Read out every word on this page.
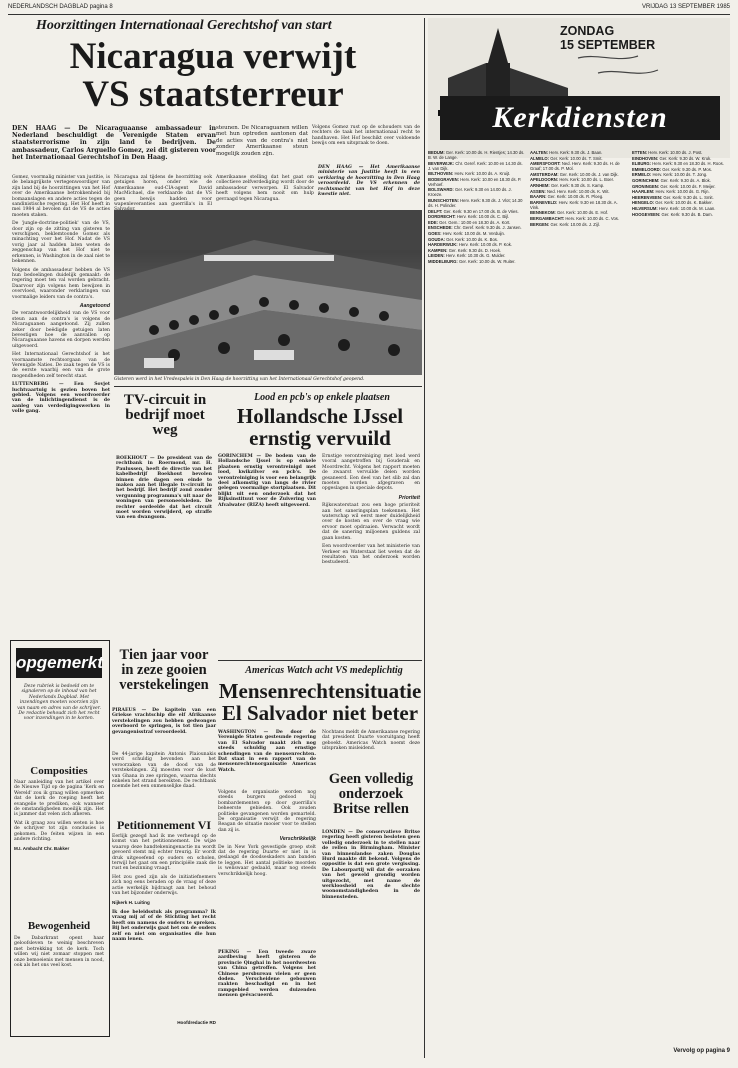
NEDERLANDSCH DAGBLAD pagina 8	VRIJDAG 13 SEPTEMBER 1985
Hoorzittingen Internationaal Gerechtshof van start
Nicaragua verwijt
VS staatsterreur
DEN HAAG — De Nicaraguaanse ambassadeur in Nederland beschuldigt de Verenigde Staten ervan staatsterrorisme in zijn land te bedrijven. De ambassadeur, Carlos Arguello Gomez, zei dit gisteren voor het Internationaal Gerechtshof in Den Haag.
steunen. De Nicaraguanen willen met hun optreden aantonen dat de acties van de contra's niet zonder Amerikaanse steun mogelijk zouden zijn.
Volgens Gomez rust op de schouders van de rechters de taak het internationaal recht te handhaven. Het Hof beschikt over voldoende bewijs om een uitspraak te doen.
Gomez, voormalig minister van justitie, is de belangrijkste vertegenwoordiger van zijn land bij de hoorzittingen van het Hof over de Amerikaanse betrokkenheid bij bomaanslagen en andere acties tegen de sandinistische regering. Het Hof heeft in mei 1984 al bevolen dat de VS de acties moeten staken.
De 'jungle-doctrine-politiek' van de VS, door zijn op de zitting van gisteren te verschijnen, beklemtoonde Gomez als minachting voor het Hof. Nadat de VS vorig jaar al hadden laten weten de zeggenschap van het Hof niet te erkennen, is Washington in de zaal niet te bekennen.
Volgens de ambassadeur hebben de VS hun bedoelingen duidelijk gemaakt: de regering moet ten val worden gebracht. Daarvoor zijn volgens hem bewijzen in overvloed, waaronder verklaringen van voormalige leiders van de contra's.
Aangetoond
De verantwoordelijkheid van de VS voor steun aan de contra's is volgens de Nicaraguanen aangetoond. Zij zullen zeker door beëdigde getuigen laten bevestigen hoe de aanvallen op Nicaraguaanse havens en dorpen werden uitgevoerd.
Het Internationaal Gerechtshof is het voornaamste rechtsorgaan van de Verenigde Naties. De zaak tegen de VS is de eerste waarbij een van de grote mogendheden zelf terecht staat.
LUTTENBERG — Een Sovjet luchtvaartuig is gezien boven het gebied. Volgens een woordvoerder van de inlichtingendienst is de aanleg van verdedigingswerken in volle gang.
Nicaragua zal tijdens de hoorzitting ook getuigen horen, onder wie de Amerikaanse oud-CIA-agent David MacMichael, die verklaarde dat de VS geen bewijs hadden voor wapenleveranties aan guerrilla's in El
Amerikaanse stelling dat het gaat om collectieve zelfverdediging wordt door de ambassadeur verworpen. El Salvador heeft volgens hem nooit om hulp gevraagd tegen Nicaragua.
DEN HAAG — Het Amerikaanse ministerie van Justitie heeft in een verklaring de hoorzitting in Den Haag veroordeeld. De VS erkennen de rechtsmacht van het Hof in deze kwestie niet.
Gisteren werd in het Vredespaleis in Den Haag de hoorzitting van het Internationaal Gerechtshof geopend.
TV-circuit in bedrijf moet weg
BOEKHOUT — De president van de rechtbank in Roermond, mr. H. Paulussen, heeft de directie van het kabelbedrijf Boekhout bevolen binnen drie dagen een einde te maken aan het illegale tv-circuit in het bedrijf. Het bedrijf zond zonder vergunning programma's uit naar de woningen van personeelsleden. De rechter oordeelde dat het circuit moet worden verwijderd, op straffe van een dwangsom.
Lood en pcb's op enkele plaatsen
Hollandsche IJssel
ernstig vervuild
GORINCHEM — De bodem van de Hollandsche IJssel is op enkele plaatsen ernstig verontreinigd met lood, kwikzilver en pcb's. De verontreiniging is voor een belangrijk deel afkomstig van langs de rivier gelegen voormalige stortplaatsen. Dit blijkt uit een onderzoek dat het Rijksinstituut voor de Zuivering van Afvalwater (RIZA) heeft uitgevoerd.
Ernstige verontreiniging met lood werd vooral aangetroffen bij Gouderak en Moordrecht. Volgens het rapport moeten de zwaarst vervuilde delen worden gesaneerd. Een deel van het slib zal dan moeten worden afgegraven en opgeslagen in speciale depots.
Prioriteit
Rijkswaterstaat zou een hoge prioriteit aan het saneringsplan toekennen. Het waterschap wil eerst meer duidelijkheid over de kosten en over de vraag wie ervoor moet opdraaien. Verwacht wordt dat de sanering miljoenen guldens zal gaan kosten.
Een woordvoerder van het ministerie van Verkeer en Waterstaat liet weten dat de resultaten van het onderzoek worden bestudeerd.
opgemerkt
Deze rubriek is bedoeld om te signaleren op de inhoud van het Nederlands Dagblad. Met inzendingen moeten voorzien zijn van naam en adres van de schrijver. De redactie behoudt zich het recht voor inzendingen in te korten.
Composities
Naar aanleiding van het artikel over de Nieuwe Tijd op de pagina 'Kerk en Wereld' zou ik graag willen opmerken dat de kerk de roeping heeft het evangelie te prediken, ook wanneer de omstandigheden moeilijk zijn. Het is jammer dat velen zich afkeren.
Wat ik graag zou willen weten is hoe de schrijver tot zijn conclusies is gekomen. De feiten wijzen in een andere richting.
M.I. Ambacht Chr. Bakker
Bewogenheid
De Dabarkrant opent haar geloofsleven te weinig beschreven met betrekking tot de kerk. Toch willen wij niet zomaar stoppen met onze bemoeienis met mensen in nood, ook als het ons veel kost.
Tien jaar voor in zeze gooien verstekelingen
PIRAEUS — De kapitein van een Griekse vrachtschip die elf Afrikaanse verstekelingen zou hebben gedwongen overboord te springen, is tot tien jaar gevangenisstraf veroordeeld.
De 44-jarige kapitein Antonis Plaiounakis werd schuldig bevonden aan het veroorzaken van de dood van de verstekelingen. Zij moesten voor de kust van Ghana in zee springen, waarna slechts enkelen het strand bereikten. De rechtbank noemde het een onmenselijke daad.
Petitionnement VI
Eerlijk gezegd had ik me verheugd op de komst van het petitionnement. De wijze waarop deze handtekeningenactie nu wordt gevoerd stemt mij echter treurig. Er wordt druk uitgeoefend op ouders en scholen, terwijl het gaat om een principiële zaak die rust en bezinning vraagt.
Het zou goed zijn als de initiatiefnemers zich nog eens beraden op de vraag of deze actie werkelijk bijdraagt aan het behoud van het bijzonder onderwijs.
Nijkerk H. Luiting
Ik doe beleidsstuk als programma? Ik vraag mij af of de Stichting het recht heeft om namens de ouders te spreken. Bij het onderwijs gaat het om de ouders zelf en niet om organisaties die hun naam lenen.
Americas Watch acht VS medeplichtig
Mensenrechtensituatie
El Salvador niet beter
WASHINGTON — De door de Verenigde Staten gesteunde regering van El Salvador maakt zich nog steeds schuldig aan ernstige schendingen van de mensenrechten. Dat staat in een rapport van de mensenrechtenorganisatie Americas Watch.
Volgens de organisatie worden nog steeds burgers gedood bij bombardementen op door guerrilla's beheerste gebieden. Ook zouden politieke gevangenen worden gemarteld. De organisatie verwijt de regering Reagan de situatie mooier voor te stellen dan zij is.
Verschrikkelijk
De in New York gevestigde groep stelt dat de regering Duarte er niet in is geslaagd de doodseskaders aan banden te leggen. Het aantal politieke moorden is weliswaar gedaald, maar nog steeds verschrikkelijk hoog.
Nochtans meldt de Amerikaanse regering dat president Duarte vooruitgang heeft geboekt. Americas Watch noemt deze uitspraken misleidend.
PEKING — Een tweede zware aardbeving heeft gisteren de provincie Qinghai in het noordwesten van China getroffen. Volgens het Chinese persbureau vielen er geen doden. Verscheidene gebouwen raakten beschadigd en in het rampgebied werden duizenden mensen geëvacueerd.
Hoofdredactie RD
Geen volledig onderzoek Britse rellen
LONDEN — De conservatieve Britse regering heeft gisteren besloten geen volledig onderzoek in te stellen naar de rellen in Birmingham. Minister van binnenlandse zaken Douglas Hurd maakte dit bekend. Volgens de oppositie is dat een grote vergissing. De Labourpartij wil dat de oorzaken van het geweld grondig worden uitgezocht, met name de werkloosheid en de slechte woonomstandigheden in de binnensteden.
ZONDAG
15 SEPTEMBER
Kerkdiensten

BEDUM: Ger. Kerk: 10.00 ds. H. Rientjes; 14.30 ds. B. W. de Lange.

BEVERWIJK: Chr. Geref. Kerk: 10.00 en 14.30 ds. J. van Dijk.

BILTHOVEN: Herv. Kerk: 10.00 ds. A. Kruijt.

BODEGRAVEN: Herv. Kerk: 10.00 en 18.30 ds. P. Verhoef.

BOLSWARD: Ger. Kerk: 9.30 en 14.00 ds. J. Kroeze.

BUNSCHOTEN: Herv. Kerk: 9.30 ds. J. Vlot; 14.30 ds. H. Polinder.

DELFT: Ger. Kerk: 9.30 en 17.00 ds. B. de Vries.

DORDRECHT: Herv. Kerk: 10.00 ds. C. Bijl.

EDE: Ger. Gem.: 10.00 en 18.30 ds. A. Kort.

ENSCHEDE: Chr. Geref. Kerk: 9.30 ds. J. Jansen.

GOES: Herv. Kerk: 10.00 ds. M. Verduijn.

GOUDA: Ger. Kerk: 10.00 ds. K. Bos.

HARDERWIJK: Herv. Kerk: 10.00 ds. P. Kok.

KAMPEN: Ger. Kerk: 9.30 ds. D. Hoek.

LEIDEN: Herv. Kerk: 10.30 ds. G. Mulder.

MIDDELBURG: Ger. Kerk: 10.00 ds. W. Ruiter.

AALTEN: Herv. Kerk: 9.30 ds. J. Baan.

ALMELO: Ger. Kerk: 10.00 ds. T. Smit.

AMERSFOORT: Ned. Herv. Kerk: 9.30 ds. H. de Graaf; 17.00 ds. P. Mol.

AMSTERDAM: Ger. Kerk: 10.00 ds. J. van Dijk.

APELDOORN: Herv. Kerk: 10.00 ds. L. Boer.

ARNHEM: Ger. Kerk: 9.30 ds. S. Kamp.

ASSEN: Ned. Herv. Kerk: 10.00 ds. K. Wit.

BAARN: Ger. Kerk: 10.00 ds. R. Ploeg.

BARNEVELD: Herv. Kerk: 9.30 en 18.30 ds. A. Vink.

BENNEKOM: Ger. Kerk: 10.00 ds. E. Hof.

BERGAMBACHT: Herv. Kerk: 10.00 ds. C. Vos.

BERGEN: Ger. Kerk: 10.00 ds. J. Zijl.

ETTEN: Herv. Kerk: 10.00 ds. J. Post.

EINDHOVEN: Ger. Kerk: 9.30 ds. W. Kruk.

ELBURG: Herv. Kerk: 9.30 en 18.30 ds. H. Roos.

EMMELOORD: Ger. Kerk: 9.30 ds. P. Mos.

ERMELO: Herv. Kerk: 10.00 ds. T. Jong.

GORINCHEM: Ger. Kerk: 9.30 ds. A. Blok.

GRONINGEN: Ger. Kerk: 10.00 ds. F. Meijer.

HAARLEM: Herv. Kerk: 10.00 ds. G. Rijn.

HEERENVEEN: Ger. Kerk: 9.30 ds. L. Smit.

HENGELO: Ger. Kerk: 10.00 ds. K. Bakker.

HILVERSUM: Herv. Kerk: 10.00 ds. M. Laan.

HOOGEVEEN: Ger. Kerk: 9.30 ds. B. Dam.

Vervolg op pagina 9
